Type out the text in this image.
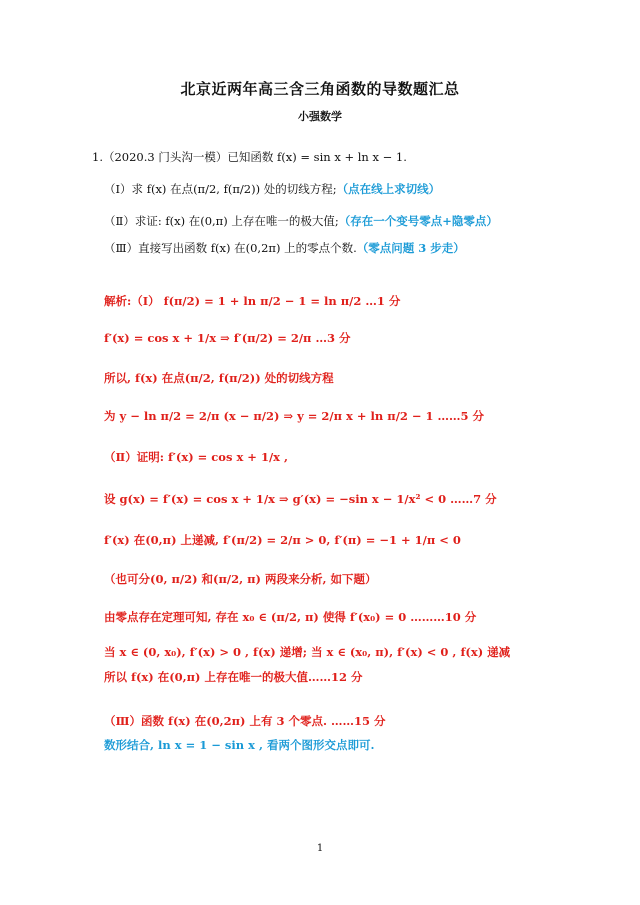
北京近两年高三含三角函数的导数题汇总
小强数学
1.（2020.3 门头沟一模）已知函数 f(x) = sin x + ln x − 1.
（Ⅰ）求 f(x) 在点(π/2, f(π/2)) 处的切线方程;（点在线上求切线）
（Ⅱ）求证: f(x) 在(0,π) 上存在唯一的极大值;（存在一个变号零点+隐零点）
（Ⅲ）直接写出函数 f(x) 在(0,2π) 上的零点个数.（零点问题 3 步走）
解析:（Ⅰ） f(π/2) = 1 + ln π/2 − 1 = ln π/2 …1 分
f′(x) = cos x + 1/x ⇒ f′(π/2) = 2/π …3 分
所以, f(x) 在点(π/2, f(π/2)) 处的切线方程
为 y − ln π/2 = 2/π (x − π/2) ⇒ y = 2/π x + ln π/2 − 1 ……5 分
（Ⅱ）证明: f′(x) = cos x + 1/x ,
设 g(x) = f′(x) = cos x + 1/x ⇒ g′(x) = −sin x − 1/x² < 0 ……7 分
f′(x) 在(0,π) 上递减, f′(π/2) = 2/π > 0, f′(π) = −1 + 1/π < 0
（也可分(0, π/2) 和(π/2, π) 两段来分析, 如下题）
由零点存在定理可知, 存在 x₀ ∈ (π/2, π) 使得 f′(x₀) = 0 ………10 分
当 x ∈ (0, x₀), f′(x) > 0 , f(x) 递增; 当 x ∈ (x₀, π), f′(x) < 0 , f(x) 递减
所以 f(x) 在(0,π) 上存在唯一的极大值……12 分
（Ⅲ）函数 f(x) 在(0,2π) 上有 3 个零点. ……15 分
数形结合, ln x = 1 − sin x , 看两个图形交点即可.
1
